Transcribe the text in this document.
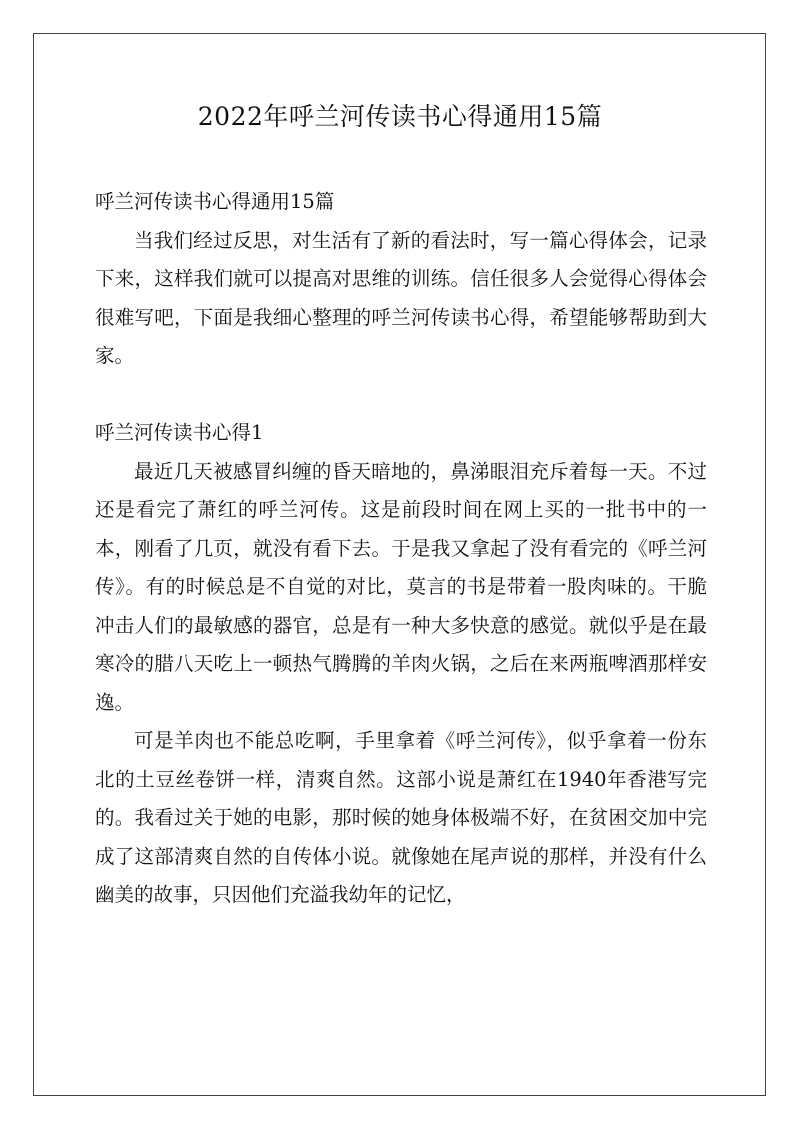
2022年呼兰河传读书心得通用15篇

呼兰河传读书心得通用15篇

当我们经过反思，对生活有了新的看法时，写一篇心得体会，记录下来，这样我们就可以提高对思维的训练。信任很多人会觉得心得体会很难写吧，下面是我细心整理的呼兰河传读书心得，希望能够帮助到大家。

呼兰河传读书心得1

最近几天被感冒纠缠的昏天暗地的，鼻涕眼泪充斥着每一天。不过还是看完了萧红的呼兰河传。这是前段时间在网上买的一批书中的一本，刚看了几页，就没有看下去。于是我又拿起了没有看完的《呼兰河传》。有的时候总是不自觉的对比，莫言的书是带着一股肉味的。干脆冲击人们的最敏感的器官，总是有一种大多快意的感觉。就似乎是在最寒冷的腊八天吃上一顿热气腾腾的羊肉火锅，之后在来两瓶啤酒那样安逸。

可是羊肉也不能总吃啊，手里拿着《呼兰河传》，似乎拿着一份东北的土豆丝卷饼一样，清爽自然。这部小说是萧红在1940年香港写完的。我看过关于她的电影，那时候的她身体极端不好，在贫困交加中完成了这部清爽自然的自传体小说。就像她在尾声说的那样，并没有什么幽美的故事，只因他们充溢我幼年的记忆，
